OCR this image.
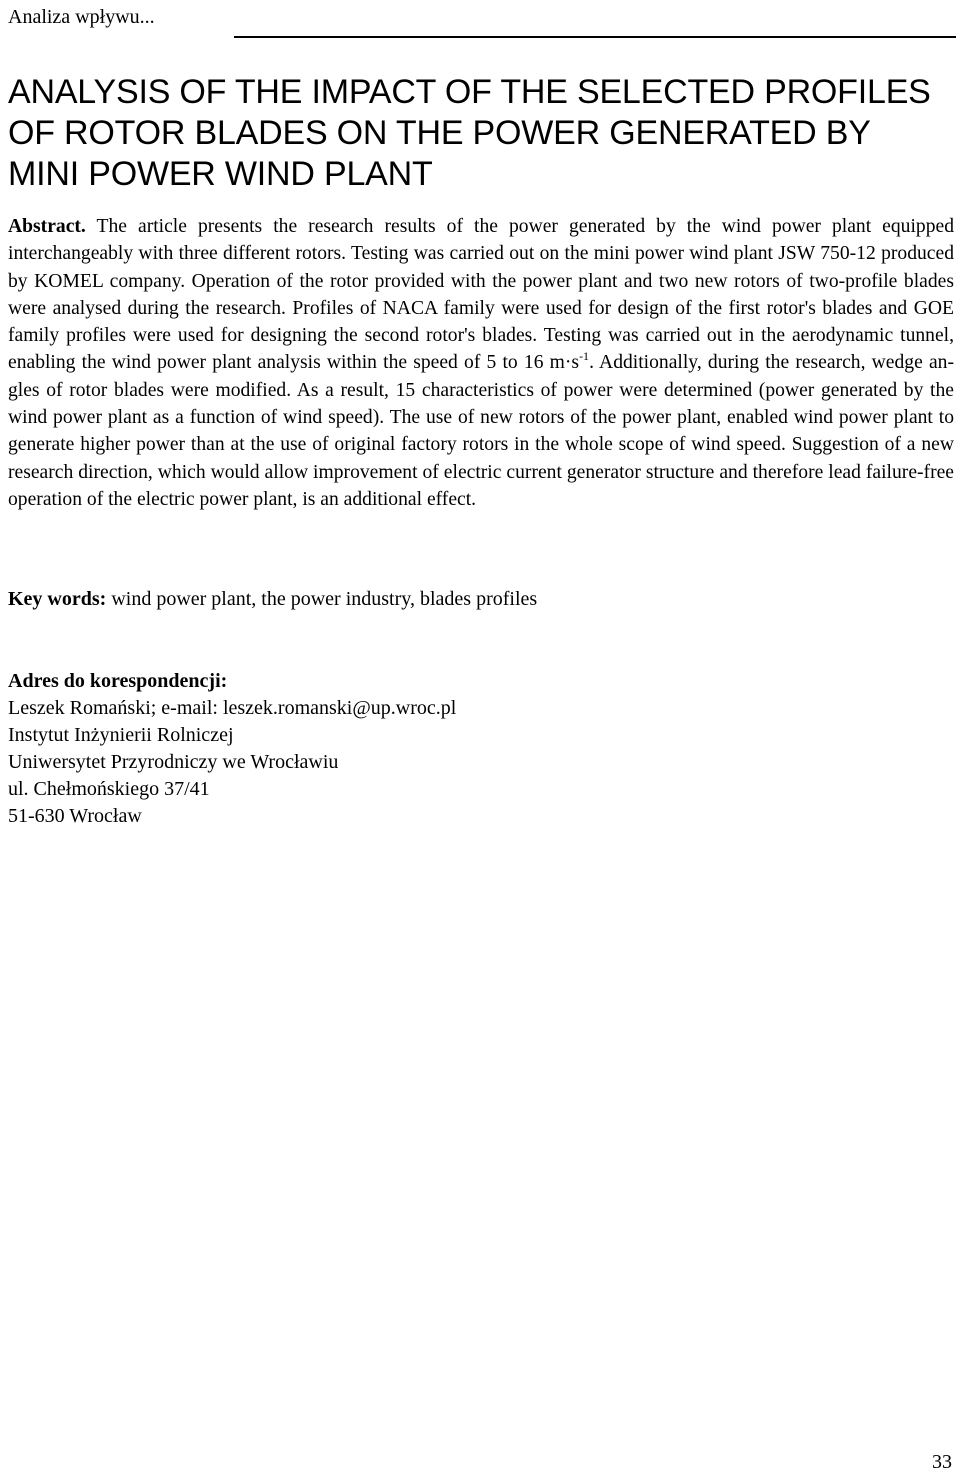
Analiza wpływu...
ANALYSIS OF THE IMPACT OF THE SELECTED PROFILES OF ROTOR BLADES ON THE POWER GENERATED BY MINI POWER WIND PLANT

Abstract. The article presents the research results of the power generated by the wind power plant equipped interchangeably with three different rotors. Testing was carried out on the mini power wind plant JSW 750-12 produced by KOMEL company. Operation of the rotor provided with the power plant and two new rotors of two-profile blades were analysed during the research. Profiles of NACA family were used for design of the first rotor's blades and GOE family profiles were used for designing the second rotor's blades. Testing was carried out in the aerodynamic tunnel, enabling the wind power plant analysis within the speed of 5 to 16 $m\cdot s^{-1}$. Additionally, during the research, wedge angles of rotor blades were modified. As a result, 15 characteristics of power were determined (power generated by the wind power plant as a function of wind speed). The use of new rotors of the power plant, enabled wind power plant to generate higher power than at the use of original factory rotors in the whole scope of wind speed. Suggestion of a new research direction, which would allow improvement of electric current generator structure and therefore lead failure-free operation of the electric power plant, is an additional effect.

Key words: wind power plant, the power industry, blades profiles

Adres do korespondencji:
Leszek Romański; e-mail: leszek.romanski@up.wroc.pl
Instytut Inżynierii Rolniczej
Uniwersytet Przyrodniczy we Wrocławiu
ul. Chełmońskiego 37/41
51-630 Wrocław
33
